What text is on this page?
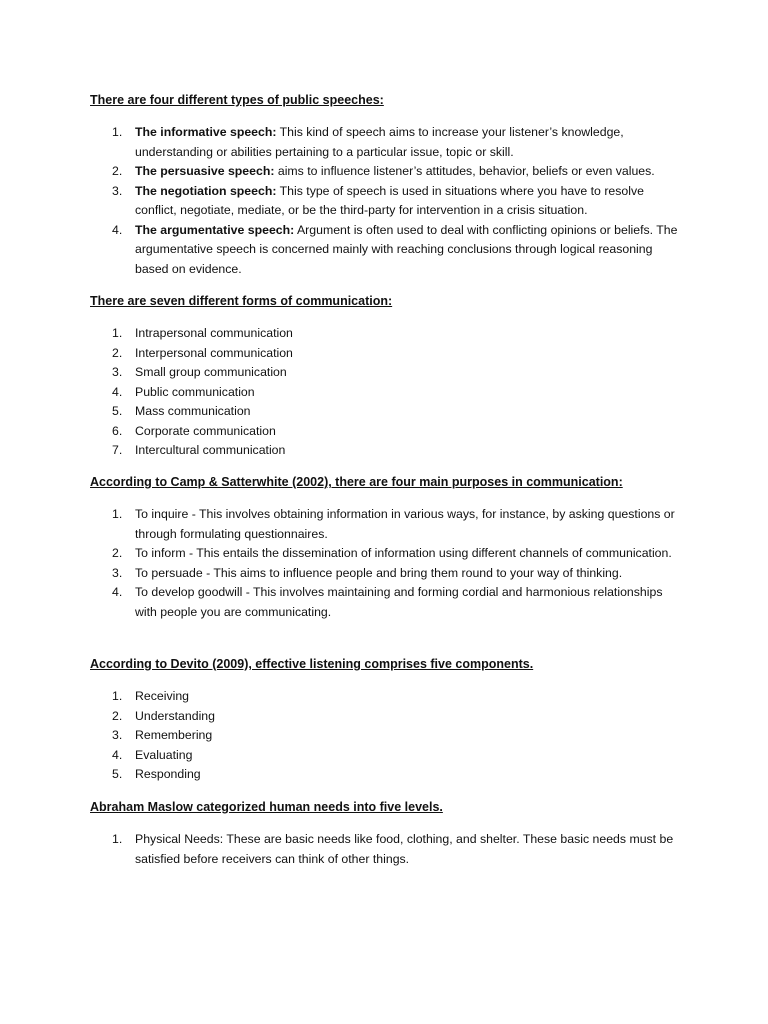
There are four different types of public speeches:

1. The informative speech: This kind of speech aims to increase your listener’s knowledge, understanding or abilities pertaining to a particular issue, topic or skill.
2. The persuasive speech: aims to influence listener’s attitudes, behavior, beliefs or even values.
3. The negotiation speech: This type of speech is used in situations where you have to resolve conflict, negotiate, mediate, or be the third-party for intervention in a crisis situation.
4. The argumentative speech: Argument is often used to deal with conflicting opinions or beliefs. The argumentative speech is concerned mainly with reaching conclusions through logical reasoning based on evidence.

There are seven different forms of communication:

1. Intrapersonal communication
2. Interpersonal communication
3. Small group communication
4. Public communication
5. Mass communication
6. Corporate communication
7. Intercultural communication

According to Camp & Satterwhite (2002), there are four main purposes in communication:

1. To inquire - This involves obtaining information in various ways, for instance, by asking questions or through formulating questionnaires.
2. To inform - This entails the dissemination of information using different channels of communication.
3. To persuade - This aims to influence people and bring them round to your way of thinking.
4. To develop goodwill - This involves maintaining and forming cordial and harmonious relationships with people you are communicating.

According to Devito (2009), effective listening comprises five components.

1. Receiving
2. Understanding
3. Remembering
4. Evaluating
5. Responding

Abraham Maslow categorized human needs into five levels.

1. Physical Needs: These are basic needs like food, clothing, and shelter. These basic needs must be satisfied before receivers can think of other things.
